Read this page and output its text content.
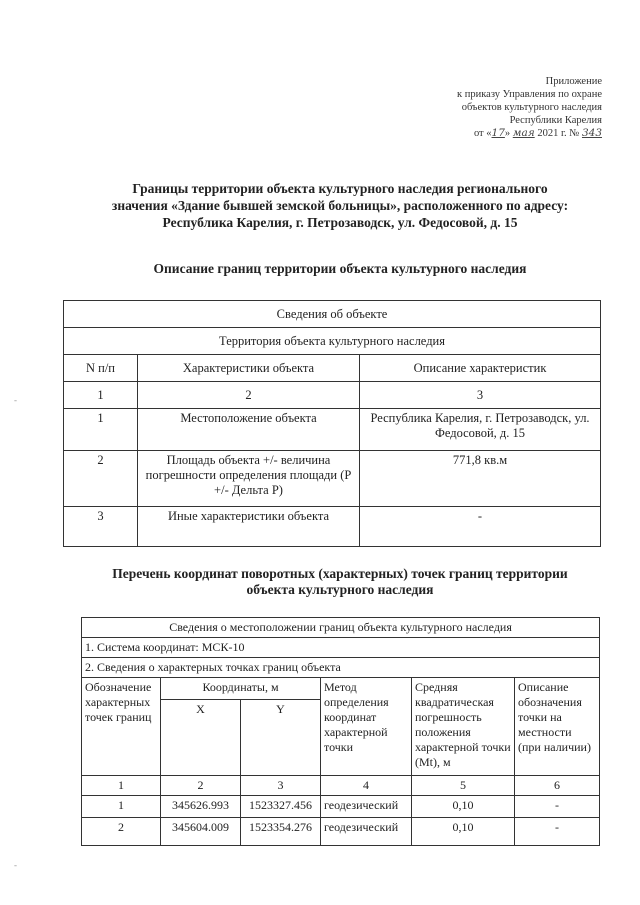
-
-
Приложение
к приказу Управления по охране
объектов культурного наследия
Республики Карелия
от «17» мая 2021 г. № 343
Границы территории объекта культурного наследия регионального
значения «Здание бывшей земской больницы», расположенного по адресу:
Республика Карелия, г. Петрозаводск, ул. Федосовой, д. 15
Описание границ территории объекта культурного наследия
Сведения об объекте		
Территория объекта культурного наследия		
N п/п	Характеристики объекта	Описание характеристик
1	2	3
1	Местоположение объекта	Республика Карелия, г. Петрозаводск, ул. Федосовой, д. 15
2	Площадь объекта +/- величина погрешности определения площади (P +/- Дельта P)	771,8 кв.м
3	Иные характеристики объекта	-
Перечень координат поворотных (характерных) точек границ территории
объекта культурного наследия
Сведения о местоположении границ объекта культурного наследия					
1. Система координат: МСК-10					
2. Сведения о характерных точках границ объекта					
Обозначение характерных точек границ	Координаты, м		Метод определения координат характерной точки	Средняя квадратическая погрешность положения характерной точки (Mt), м	Описание обозначения точки на местности (при наличии)
	X	Y			
1	2	3	4	5	6
1	345626.993	1523327.456	геодезический	0,10	-
2	345604.009	1523354.276	геодезический	0,10	-
